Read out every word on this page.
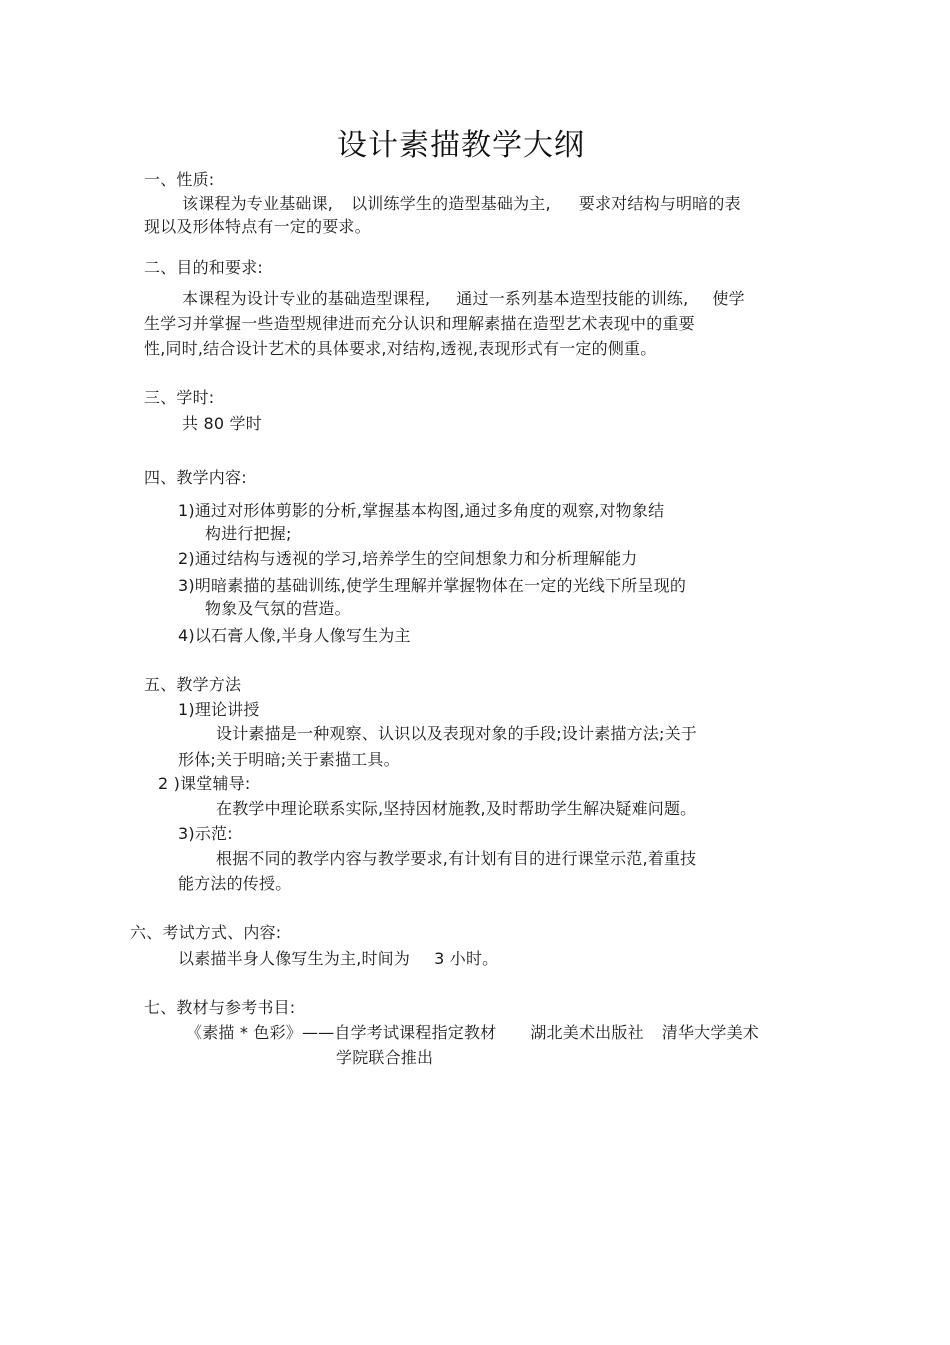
设计素描教学大纲
一、性质:
该课程为专业基础课, 以训练学生的造型基础为主, 要求对结构与明暗的表
现以及形体特点有一定的要求。
二、目的和要求:
本课程为设计专业的基础造型课程, 通过一系列基本造型技能的训练, 使学
生学习并掌握一些造型规律进而充分认识和理解素描在造型艺术表现中的重要
性,同时,结合设计艺术的具体要求,对结构,透视,表现形式有一定的侧重。
三、学时:
共 80 学时
四、教学内容:
1)通过对形体剪影的分析,掌握基本构图,通过多角度的观察,对物象结
构进行把握;
2)通过结构与透视的学习,培养学生的空间想象力和分析理解能力
3)明暗素描的基础训练,使学生理解并掌握物体在一定的光线下所呈现的
物象及气氛的营造。
4)以石膏人像,半身人像写生为主
五、教学方法
1)理论讲授
设计素描是一种观察、认识以及表现对象的手段;设计素描方法;关于
形体;关于明暗;关于素描工具。
2 )课堂辅导:
在教学中理论联系实际,坚持因材施教,及时帮助学生解决疑难问题。
3)示范:
根据不同的教学内容与教学要求,有计划有目的进行课堂示范,着重技
能方法的传授。
六、考试方式、内容:
以素描半身人像写生为主,时间为 3 小时。
七、教材与参考书目:
《素描 * 色彩》——自学考试课程指定教材 湖北美术出版社 清华大学美术
学院联合推出
